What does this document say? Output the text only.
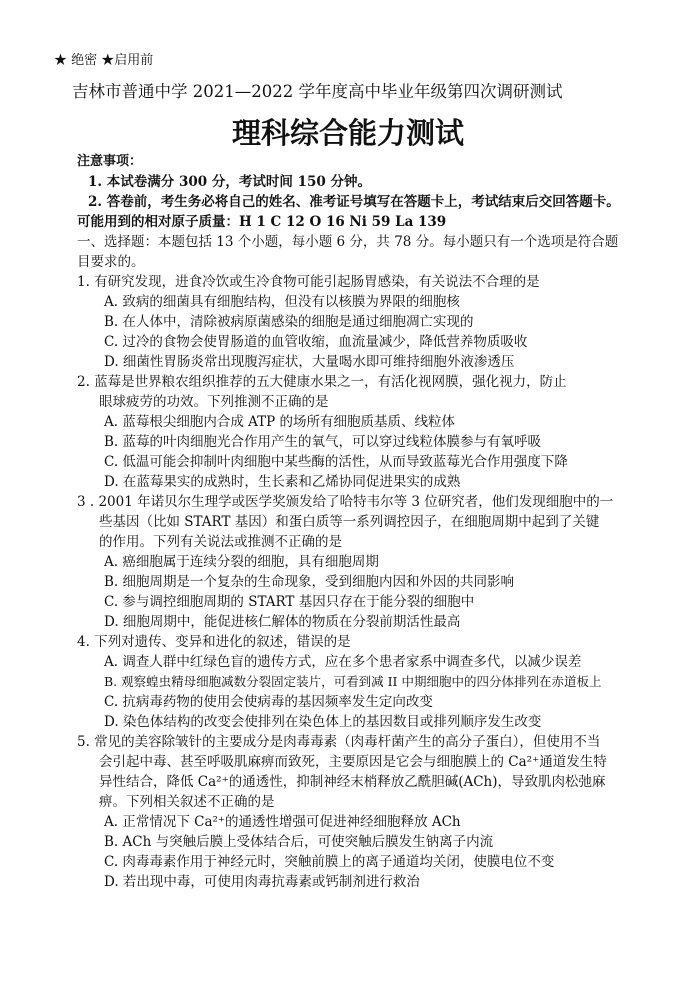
★ 绝密 ★启用前
吉林市普通中学 2021—2022 学年度高中毕业年级第四次调研测试
理科综合能力测试
注意事项：
1. 本试卷满分 300 分，考试时间 150 分钟。
2. 答卷前，考生务必将自己的姓名、准考证号填写在答题卡上，考试结束后交回答题卡。
可能用到的相对原子质量：H 1 C 12 O 16 Ni 59 La 139
一、选择题：本题包括 13 个小题，每小题 6 分，共 78 分。每小题只有一个选项是符合题
目要求的。
1. 有研究发现，进食冷饮或生冷食物可能引起肠胃感染，有关说法不合理的是
A. 致病的细菌具有细胞结构，但没有以核膜为界限的细胞核
B. 在人体中，清除被病原菌感染的细胞是通过细胞凋亡实现的
C. 过冷的食物会使胃肠道的血管收缩，血流量减少，降低营养物质吸收
D. 细菌性胃肠炎常出现腹泻症状，大量喝水即可维持细胞外液渗透压
2. 蓝莓是世界粮农组织推荐的五大健康水果之一，有活化视网膜，强化视力，防止
眼球疲劳的功效。下列推测不正确的是
A. 蓝莓根尖细胞内合成 ATP 的场所有细胞质基质、线粒体
B. 蓝莓的叶肉细胞光合作用产生的氧气，可以穿过线粒体膜参与有氧呼吸
C. 低温可能会抑制叶肉细胞中某些酶的活性，从而导致蓝莓光合作用强度下降
D. 在蓝莓果实的成熟时，生长素和乙烯协同促进果实的成熟
3 . 2001 年诺贝尔生理学或医学奖颁发给了哈特韦尔等 3 位研究者，他们发现细胞中的一
些基因（比如 START 基因）和蛋白质等一系列调控因子，在细胞周期中起到了关键
的作用。下列有关说法或推测不正确的是
A. 癌细胞属于连续分裂的细胞，具有细胞周期
B. 细胞周期是一个复杂的生命现象，受到细胞内因和外因的共同影响
C. 参与调控细胞周期的 START 基因只存在于能分裂的细胞中
D. 细胞周期中，能促进核仁解体的物质在分裂前期活性最高
4. 下列对遗传、变异和进化的叙述，错误的是
A. 调查人群中红绿色盲的遗传方式，应在多个患者家系中调查多代，以减少误差
B. 观察蝗虫精母细胞减数分裂固定装片，可看到减 II 中期细胞中的四分体排列在赤道板上
C. 抗病毒药物的使用会使病毒的基因频率发生定向改变
D. 染色体结构的改变会使排列在染色体上的基因数目或排列顺序发生改变
5. 常见的美容除皱针的主要成分是肉毒毒素（肉毒杆菌产生的高分子蛋白），但使用不当
会引起中毒、甚至呼吸肌麻痹而致死，主要原因是它会与细胞膜上的 Ca²⁺通道发生特
异性结合，降低 Ca²⁺的通透性，抑制神经末梢释放乙酰胆碱(ACh)，导致肌肉松弛麻
痹。下列相关叙述不正确的是
A. 正常情况下 Ca²⁺的通透性增强可促进神经细胞释放 ACh
B. ACh 与突触后膜上受体结合后，可使突触后膜发生钠离子内流
C. 肉毒毒素作用于神经元时，突触前膜上的离子通道均关闭，使膜电位不变
D. 若出现中毒，可使用肉毒抗毒素或钙制剂进行救治
